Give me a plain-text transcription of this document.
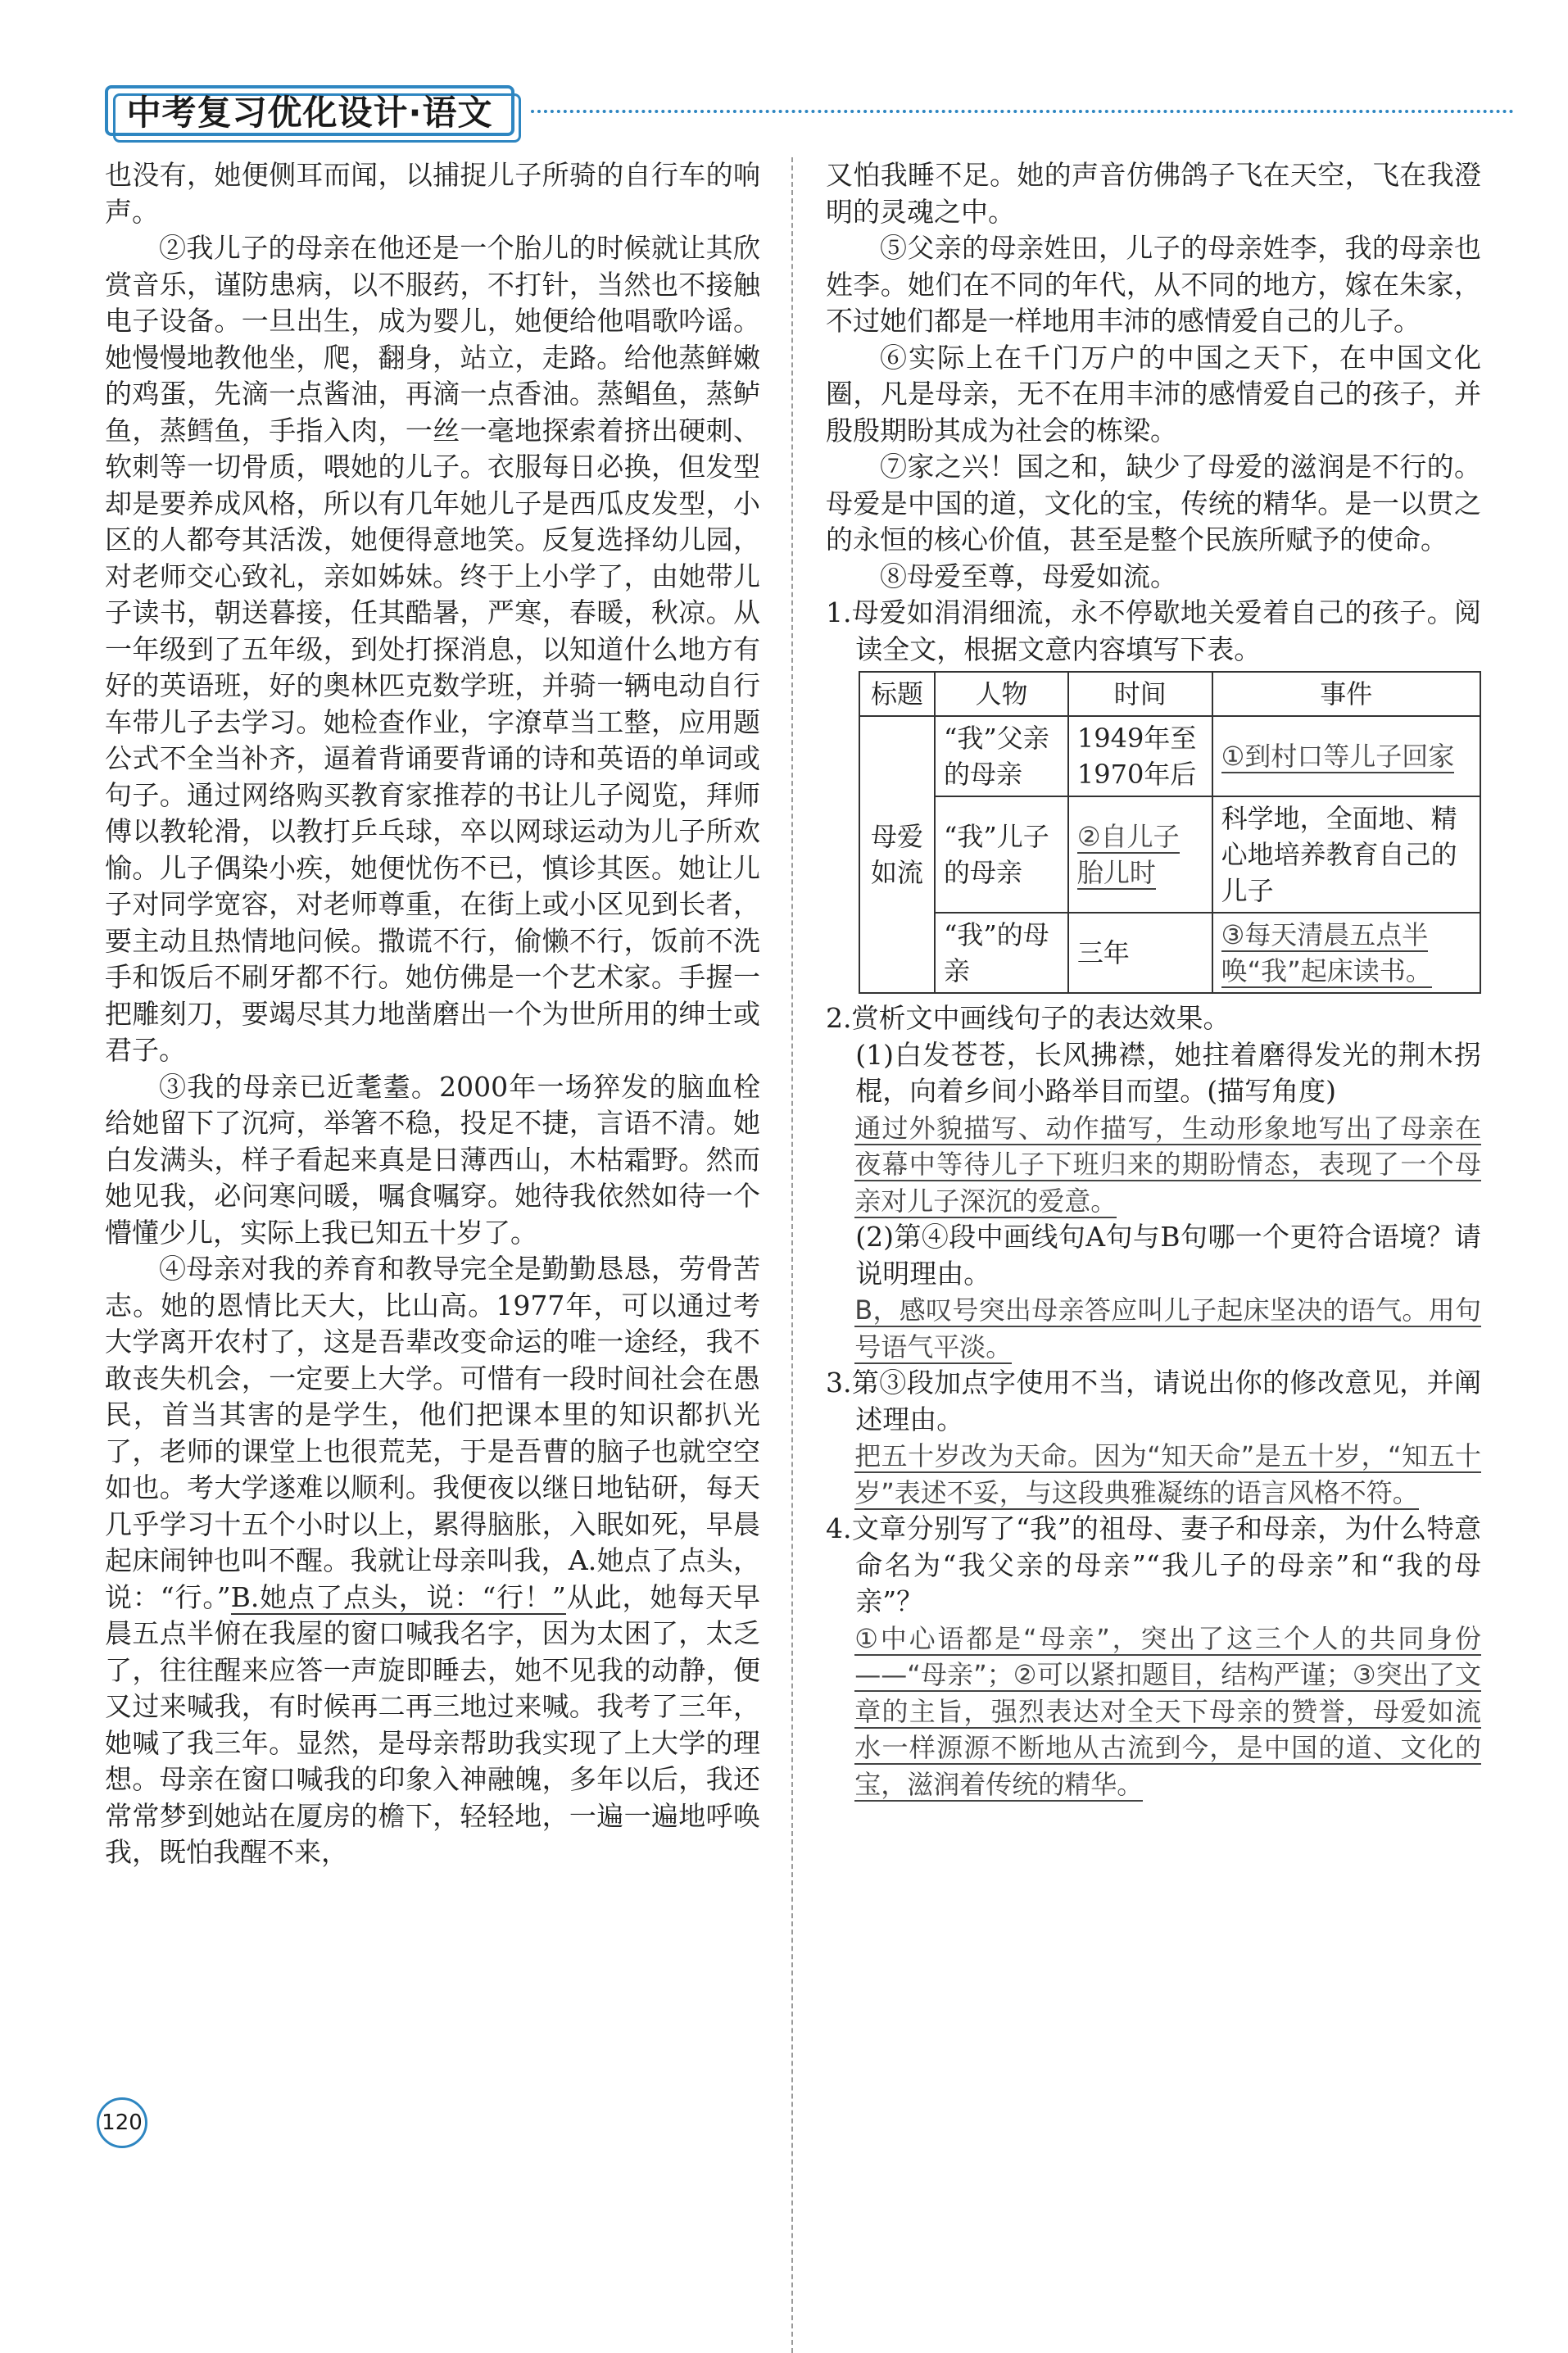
中考复习优化设计·语文

也没有，她便侧耳而闻，以捕捉儿子所骑的自行车的响声。

②我儿子的母亲在他还是一个胎儿的时候就让其欣赏音乐，谨防患病，以不服药，不打针，当然也不接触电子设备。一旦出生，成为婴儿，她便给他唱歌吟谣。她慢慢地教他坐，爬，翻身，站立，走路。给他蒸鲜嫩的鸡蛋，先滴一点酱油，再滴一点香油。蒸鲳鱼，蒸鲈鱼，蒸鳕鱼，手指入肉，一丝一毫地探索着挤出硬刺、软刺等一切骨质，喂她的儿子。衣服每日必换，但发型却是要养成风格，所以有几年她儿子是西瓜皮发型，小区的人都夸其活泼，她便得意地笑。反复选择幼儿园，对老师交心致礼，亲如姊妹。终于上小学了，由她带儿子读书，朝送暮接，任其酷暑，严寒，春暖，秋凉。从一年级到了五年级，到处打探消息，以知道什么地方有好的英语班，好的奥林匹克数学班，并骑一辆电动自行车带儿子去学习。她检查作业，字潦草当工整，应用题公式不全当补齐，逼着背诵要背诵的诗和英语的单词或句子。通过网络购买教育家推荐的书让儿子阅览，拜师傅以教轮滑，以教打乒乓球，卒以网球运动为儿子所欢愉。儿子偶染小疾，她便忧伤不已，慎诊其医。她让儿子对同学宽容，对老师尊重，在街上或小区见到长者，要主动且热情地问候。撒谎不行，偷懒不行，饭前不洗手和饭后不刷牙都不行。她仿佛是一个艺术家。手握一把雕刻刀，要竭尽其力地凿磨出一个为世所用的绅士或君子。

③我的母亲已近耄耋。2000年一场猝发的脑血栓给她留下了沉疴，举箸不稳，投足不捷，言语不清。她白发满头，样子看起来真是日薄西山，木枯霜野。然而她见我，必问寒问暖，嘱食嘱穿。她待我依然如待一个懵懂少儿，实际上我已知五十岁了。

④母亲对我的养育和教导完全是勤勤恳恳，劳骨苦志。她的恩情比天大，比山高。1977年，可以通过考大学离开农村了，这是吾辈改变命运的唯一途经，我不敢丧失机会，一定要上大学。可惜有一段时间社会在愚民，首当其害的是学生，他们把课本里的知识都扒光了，老师的课堂上也很荒芜，于是吾曹的脑子也就空空如也。考大学遂难以顺利。我便夜以继日地钻研，每天几乎学习十五个小时以上，累得脑胀，入眠如死，早晨起床闹钟也叫不醒。我就让母亲叫我，A.她点了点头，说：“行。”B.她点了点头，说：“行！”从此，她每天早晨五点半俯在我屋的窗口喊我名字，因为太困了，太乏了，往往醒来应答一声旋即睡去，她不见我的动静，便又过来喊我，有时候再二再三地过来喊。我考了三年，她喊了我三年。显然，是母亲帮助我实现了上大学的理想。母亲在窗口喊我的印象入神融魄，多年以后，我还常常梦到她站在厦房的檐下，轻轻地，一遍一遍地呼唤我，既怕我醒不来，

又怕我睡不足。她的声音仿佛鸽子飞在天空，飞在我澄明的灵魂之中。

⑤父亲的母亲姓田，儿子的母亲姓李，我的母亲也姓李。她们在不同的年代，从不同的地方，嫁在朱家，不过她们都是一样地用丰沛的感情爱自己的儿子。

⑥实际上在千门万户的中国之天下，在中国文化圈，凡是母亲，无不在用丰沛的感情爱自己的孩子，并殷殷期盼其成为社会的栋梁。

⑦家之兴！国之和，缺少了母爱的滋润是不行的。母爱是中国的道，文化的宝，传统的精华。是一以贯之的永恒的核心价值，甚至是整个民族所赋予的使命。

⑧母爱至尊，母爱如流。

1.母爱如涓涓细流，永不停歇地关爱着自己的孩子。阅读全文，根据文意内容填写下表。

标题	人物	时间	事件
母爱如流	“我”父亲的母亲	1949年至1970年后	①到村口等儿子回家
	“我”儿子的母亲	②自儿子胎儿时	科学地，全面地、精心地培养教育自己的儿子
	“我”的母亲	三年	③每天清晨五点半唤“我”起床读书。

2.赏析文中画线句子的表达效果。

(1)白发苍苍，长风拂襟，她拄着磨得发光的荆木拐棍，向着乡间小路举目而望。(描写角度)

通过外貌描写、动作描写，生动形象地写出了母亲在夜幕中等待儿子下班归来的期盼情态，表现了一个母亲对儿子深沉的爱意。

(2)第④段中画线句A句与B句哪一个更符合语境？请说明理由。

B，感叹号突出母亲答应叫儿子起床坚决的语气。用句号语气平淡。

3.第③段加点字使用不当，请说出你的修改意见，并阐述理由。

把五十岁改为天命。因为“知天命”是五十岁，“知五十岁”表述不妥，与这段典雅凝练的语言风格不符。

4.文章分别写了“我”的祖母、妻子和母亲，为什么特意命名为“我父亲的母亲”“我儿子的母亲”和“我的母亲”？

①中心语都是“母亲”，突出了这三个人的共同身份——“母亲”；②可以紧扣题目，结构严谨；③突出了文章的主旨，强烈表达对全天下母亲的赞誉，母爱如流水一样源源不断地从古流到今，是中国的道、文化的宝，滋润着传统的精华。

120
